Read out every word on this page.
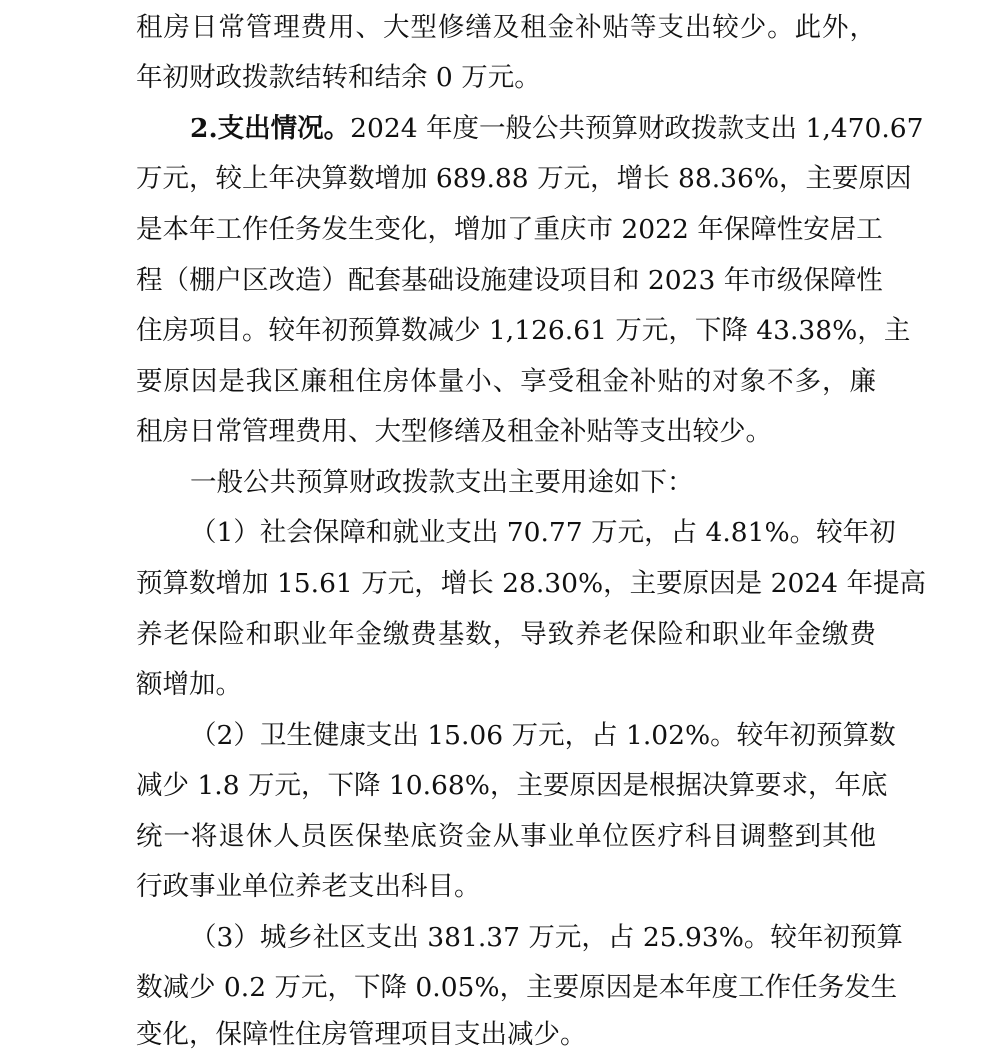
租房日常管理费用、大型修缮及租金补贴等支出较少。此外，
年初财政拨款结转和结余 0 万元。
2.支出情况。2024 年度一般公共预算财政拨款支出 1,470.67
万元，较上年决算数增加 689.88 万元，增长 88.36%，主要原因
是本年工作任务发生变化，增加了重庆市 2022 年保障性安居工
程（棚户区改造）配套基础设施建设项目和 2023 年市级保障性
住房项目。较年初预算数减少 1,126.61 万元，下降 43.38%，主
要原因是我区廉租住房体量小、享受租金补贴的对象不多，廉
租房日常管理费用、大型修缮及租金补贴等支出较少。
一般公共预算财政拨款支出主要用途如下：
（1）社会保障和就业支出 70.77 万元，占 4.81%。较年初
预算数增加 15.61 万元，增长 28.30%，主要原因是 2024 年提高
养老保险和职业年金缴费基数，导致养老保险和职业年金缴费
额增加。
（2）卫生健康支出 15.06 万元，占 1.02%。较年初预算数
减少 1.8 万元，下降 10.68%，主要原因是根据决算要求，年底
统一将退休人员医保垫底资金从事业单位医疗科目调整到其他
行政事业单位养老支出科目。
（3）城乡社区支出 381.37 万元，占 25.93%。较年初预算
数减少 0.2 万元，下降 0.05%，主要原因是本年度工作任务发生
变化，保障性住房管理项目支出减少。
